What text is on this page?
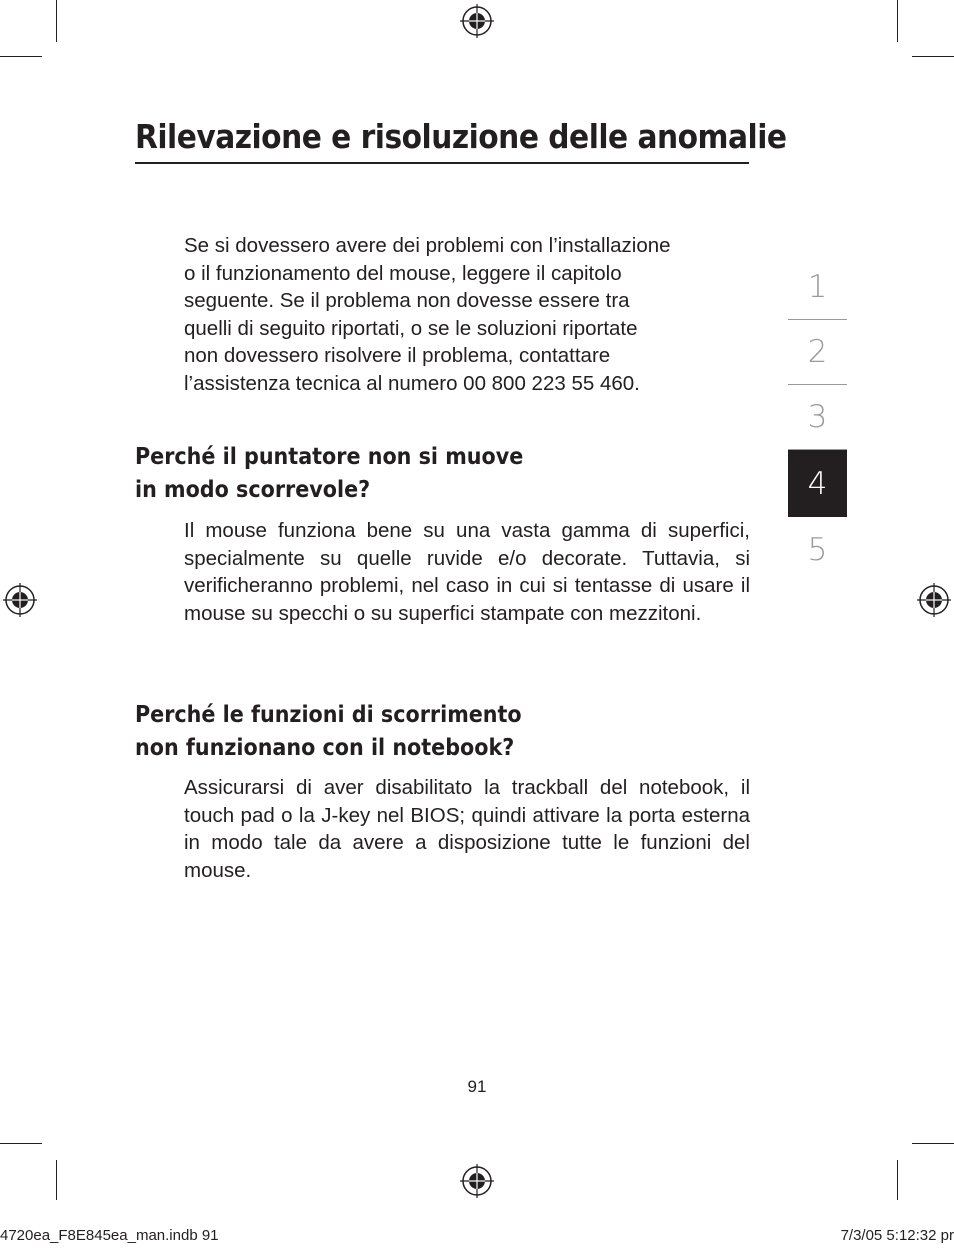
Rilevazione e risoluzione delle anomalie
Se si dovessero avere dei problemi con l’installazione
o il funzionamento del mouse, leggere il capitolo
seguente. Se il problema non dovesse essere tra
quelli di seguito riportati, o se le soluzioni riportate
non dovessero risolvere il problema, contattare
l’assistenza tecnica al numero 00 800 223 55 460.
Perché il puntatore non si muove
in modo scorrevole?

Il mouse funziona bene su una vasta gamma di superfici, specialmente su quelle ruvide e/o decorate. Tuttavia, si verificheranno problemi, nel caso in cui si tentasse di usare il mouse su specchi o su superfici stampate con mezzitoni.

Perché le funzioni di scorrimento
non funzionano con il notebook?

Assicurarsi di aver disabilitato la trackball del notebook, il touch pad o la J-key nel BIOS; quindi attivare la porta esterna in modo tale da avere a disposizione tutte le funzioni del mouse.

1
2
3
4
5
91
4720ea_F8E845ea_man.indb 91	7/3/05 5:12:32 pr
